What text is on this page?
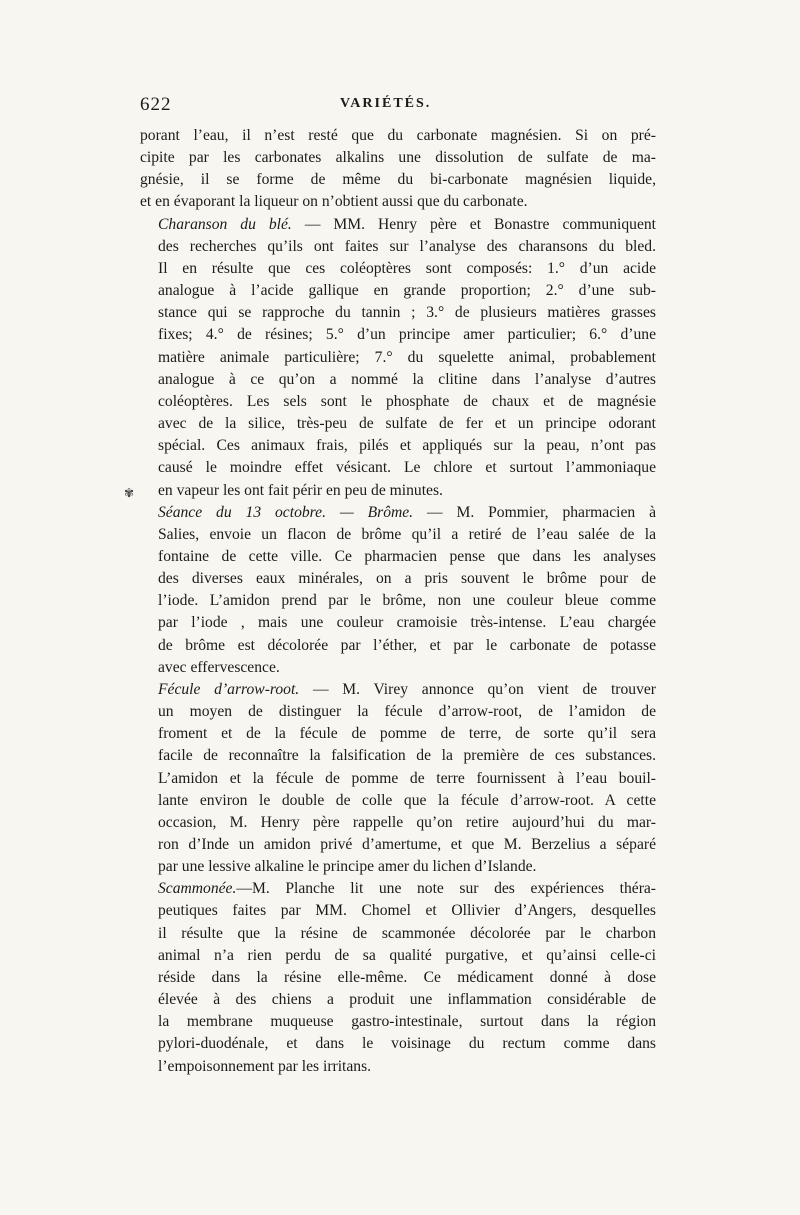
622	VARIÉTÉS.
✾

porant l’eau, il n’est resté que du carbonate magnésien. Si on pré-
cipite par les carbonates alkalins une dissolution de sulfate de ma-
gnésie, il se forme de même du bi-carbonate magnésien liquide,
et en évaporant la liqueur on n’obtient aussi que du carbonate.

Charanson du blé. — MM. Henry père et Bonastre communiquent
des recherches qu’ils ont faites sur l’analyse des charansons du bled.
Il en résulte que ces coléoptères sont composés: 1.° d’un acide
analogue à l’acide gallique en grande proportion; 2.° d’une sub-
stance qui se rapproche du tannin ; 3.° de plusieurs matières grasses
fixes; 4.° de résines; 5.° d’un principe amer particulier; 6.° d’une
matière animale particulière; 7.° du squelette animal, probablement
analogue à ce qu’on a nommé la clitine dans l’analyse d’autres
coléoptères. Les sels sont le phosphate de chaux et de magnésie
avec de la silice, très-peu de sulfate de fer et un principe odorant
spécial. Ces animaux frais, pilés et appliqués sur la peau, n’ont pas
causé le moindre effet vésicant. Le chlore et surtout l’ammoniaque
en vapeur les ont fait périr en peu de minutes.

Séance du 13 octobre. — Brôme. — M. Pommier, pharmacien à
Salies, envoie un flacon de brôme qu’il a retiré de l’eau salée de la
fontaine de cette ville. Ce pharmacien pense que dans les analyses
des diverses eaux minérales, on a pris souvent le brôme pour de
l’iode. L’amidon prend par le brôme, non une couleur bleue comme
par l’iode , mais une couleur cramoisie très-intense. L’eau chargée
de brôme est décolorée par l’éther, et par le carbonate de potasse
avec effervescence.

Fécule d’arrow-root. — M. Virey annonce qu’on vient de trouver
un moyen de distinguer la fécule d’arrow-root, de l’amidon de
froment et de la fécule de pomme de terre, de sorte qu’il sera
facile de reconnaître la falsification de la première de ces substances.
L’amidon et la fécule de pomme de terre fournissent à l’eau bouil-
lante environ le double de colle que la fécule d’arrow-root. A cette
occasion, M. Henry père rappelle qu’on retire aujourd’hui du mar-
ron d’Inde un amidon privé d’amertume, et que M. Berzelius a séparé
par une lessive alkaline le principe amer du lichen d’Islande.

Scammonée.—M. Planche lit une note sur des expériences théra-
peutiques faites par MM. Chomel et Ollivier d’Angers, desquelles
il résulte que la résine de scammonée décolorée par le charbon
animal n’a rien perdu de sa qualité purgative, et qu’ainsi celle-ci
réside dans la résine elle-même. Ce médicament donné à dose
élevée à des chiens a produit une inflammation considérable de
la membrane muqueuse gastro-intestinale, surtout dans la région
pylori-duodénale, et dans le voisinage du rectum comme dans
l’empoisonnement par les irritans.
